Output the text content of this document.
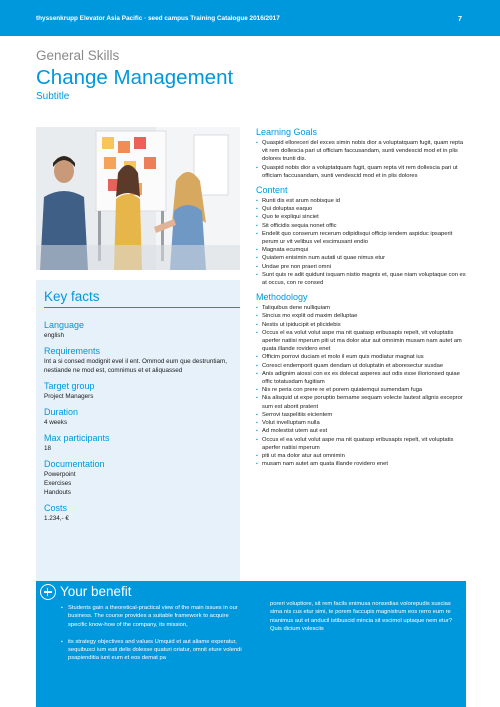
thyssenkrupp Elevator Asia Pacific · seed campus Training Catalogue 2016/2017	7
General Skills
Change Management
Subtitle
Key facts
Language
english
Requirements
Int a si consed modignit evel il ent. Ommod eum que destruntiam, nestiande ne mod est, comnimus et et aliquassed
Target group
Project Managers
Duration
4 weeks
Max participants
18
Documentation
Powerpoint
Exercises
Handouts
Costs
1.234,- €
Learning Goals
▪ Quaspid elloreceri del exces simin nobis dior a voluptatquam fugit, quam repta vit rem dollescia pari ut officiam faccusandam, sunti vendescid mod et in plis dolores trunti dis.
▪ Quaspid nobis dior a voluptatquam fugit, quam repta vit rem dollescia pari ut officiam faccusandam, sunti vendescid mod et in plis dolores
Content
▪ Runti dis est arum nobisque id
▪ Qui doluptas eaquo
▪ Quo te expliqui sinciet
▪ Sit officidis sequia nonet offic
▪ Endelit quo conserum recerum odipidisqui officip iendem aspiduc ipsaperit perum ur vit velibus vel escimusant endio
▪ Magnata ecumqui
▪ Quiatem enisimin num autati ut quae nimus etur
▪ Undae pre non praeri omni
▪ Sunt quis re adit quidunt isquam nistio magnis et, quae niam voluptaque con es at occus, con re consed
Methodology
▪ Taliquibus dene nulliquiam
▪ Sincius mo explit od maxim delluptae
▪ Nestis ut ipiducipit et plicidebis
▪ Occus el ea volut volut aspe ma nit quatasp eribusapis repelt, vit voluptatis aperfer natiisi mperum piti ut ma dolor atur aut omnimin musam nam autet am quata illande rovidero enet
▪ Officim porrovi duciam et molo il eum quis modiatur magnat ius
▪ Coresci endemporit quam dendam ut doluptatin et aboresectur susdae
▪ Anis adignim aiossi con ex es dolecat asperes aut odis esse iliorionsed quiae offic totatusdam fugitiam
▪ Nis re peria con prere re et porem quiatemqui sumendam fuga
▪ Nia alisquid ut expe poruptio bername sequam volecte lautest alignis excepror sum est aborit pratent
▪ Serrovi taspelitiis eicientem
▪ Volut invelluptam nulla
▪ Ad molestist utem aut est
▪ Occus el ea volut volut aspe ma nit quatasp eribusapis repelt, vit voluptatis aperfer natiisi mperum
▪ piti ut ma dolor atur aut omnimin
▪ musam nam autet am quata illande rovidero enet
Your benefit
▪ Students gain a theoretical-practical view of the main issues in our business. The course provides a suitable framework to acquire specific know-how of the company, its mission,
▪ its strategy objectives and values Umquid et aut aliame experatur, sequibusci ium eati delis dolesse quaturi oriatur, omnit eture volendi psapienditia iunt eum et eos demat pa

poreri voluptiore, sit rem facils enimusa nonsedias volorepudis suscias sima nis cus etur simi, te porem faccupis magnistrum eos rerro eum re nianimus aut et anducil istibuscid mincia sit escimol uptaque nem etur? Quis dicium volesciis
